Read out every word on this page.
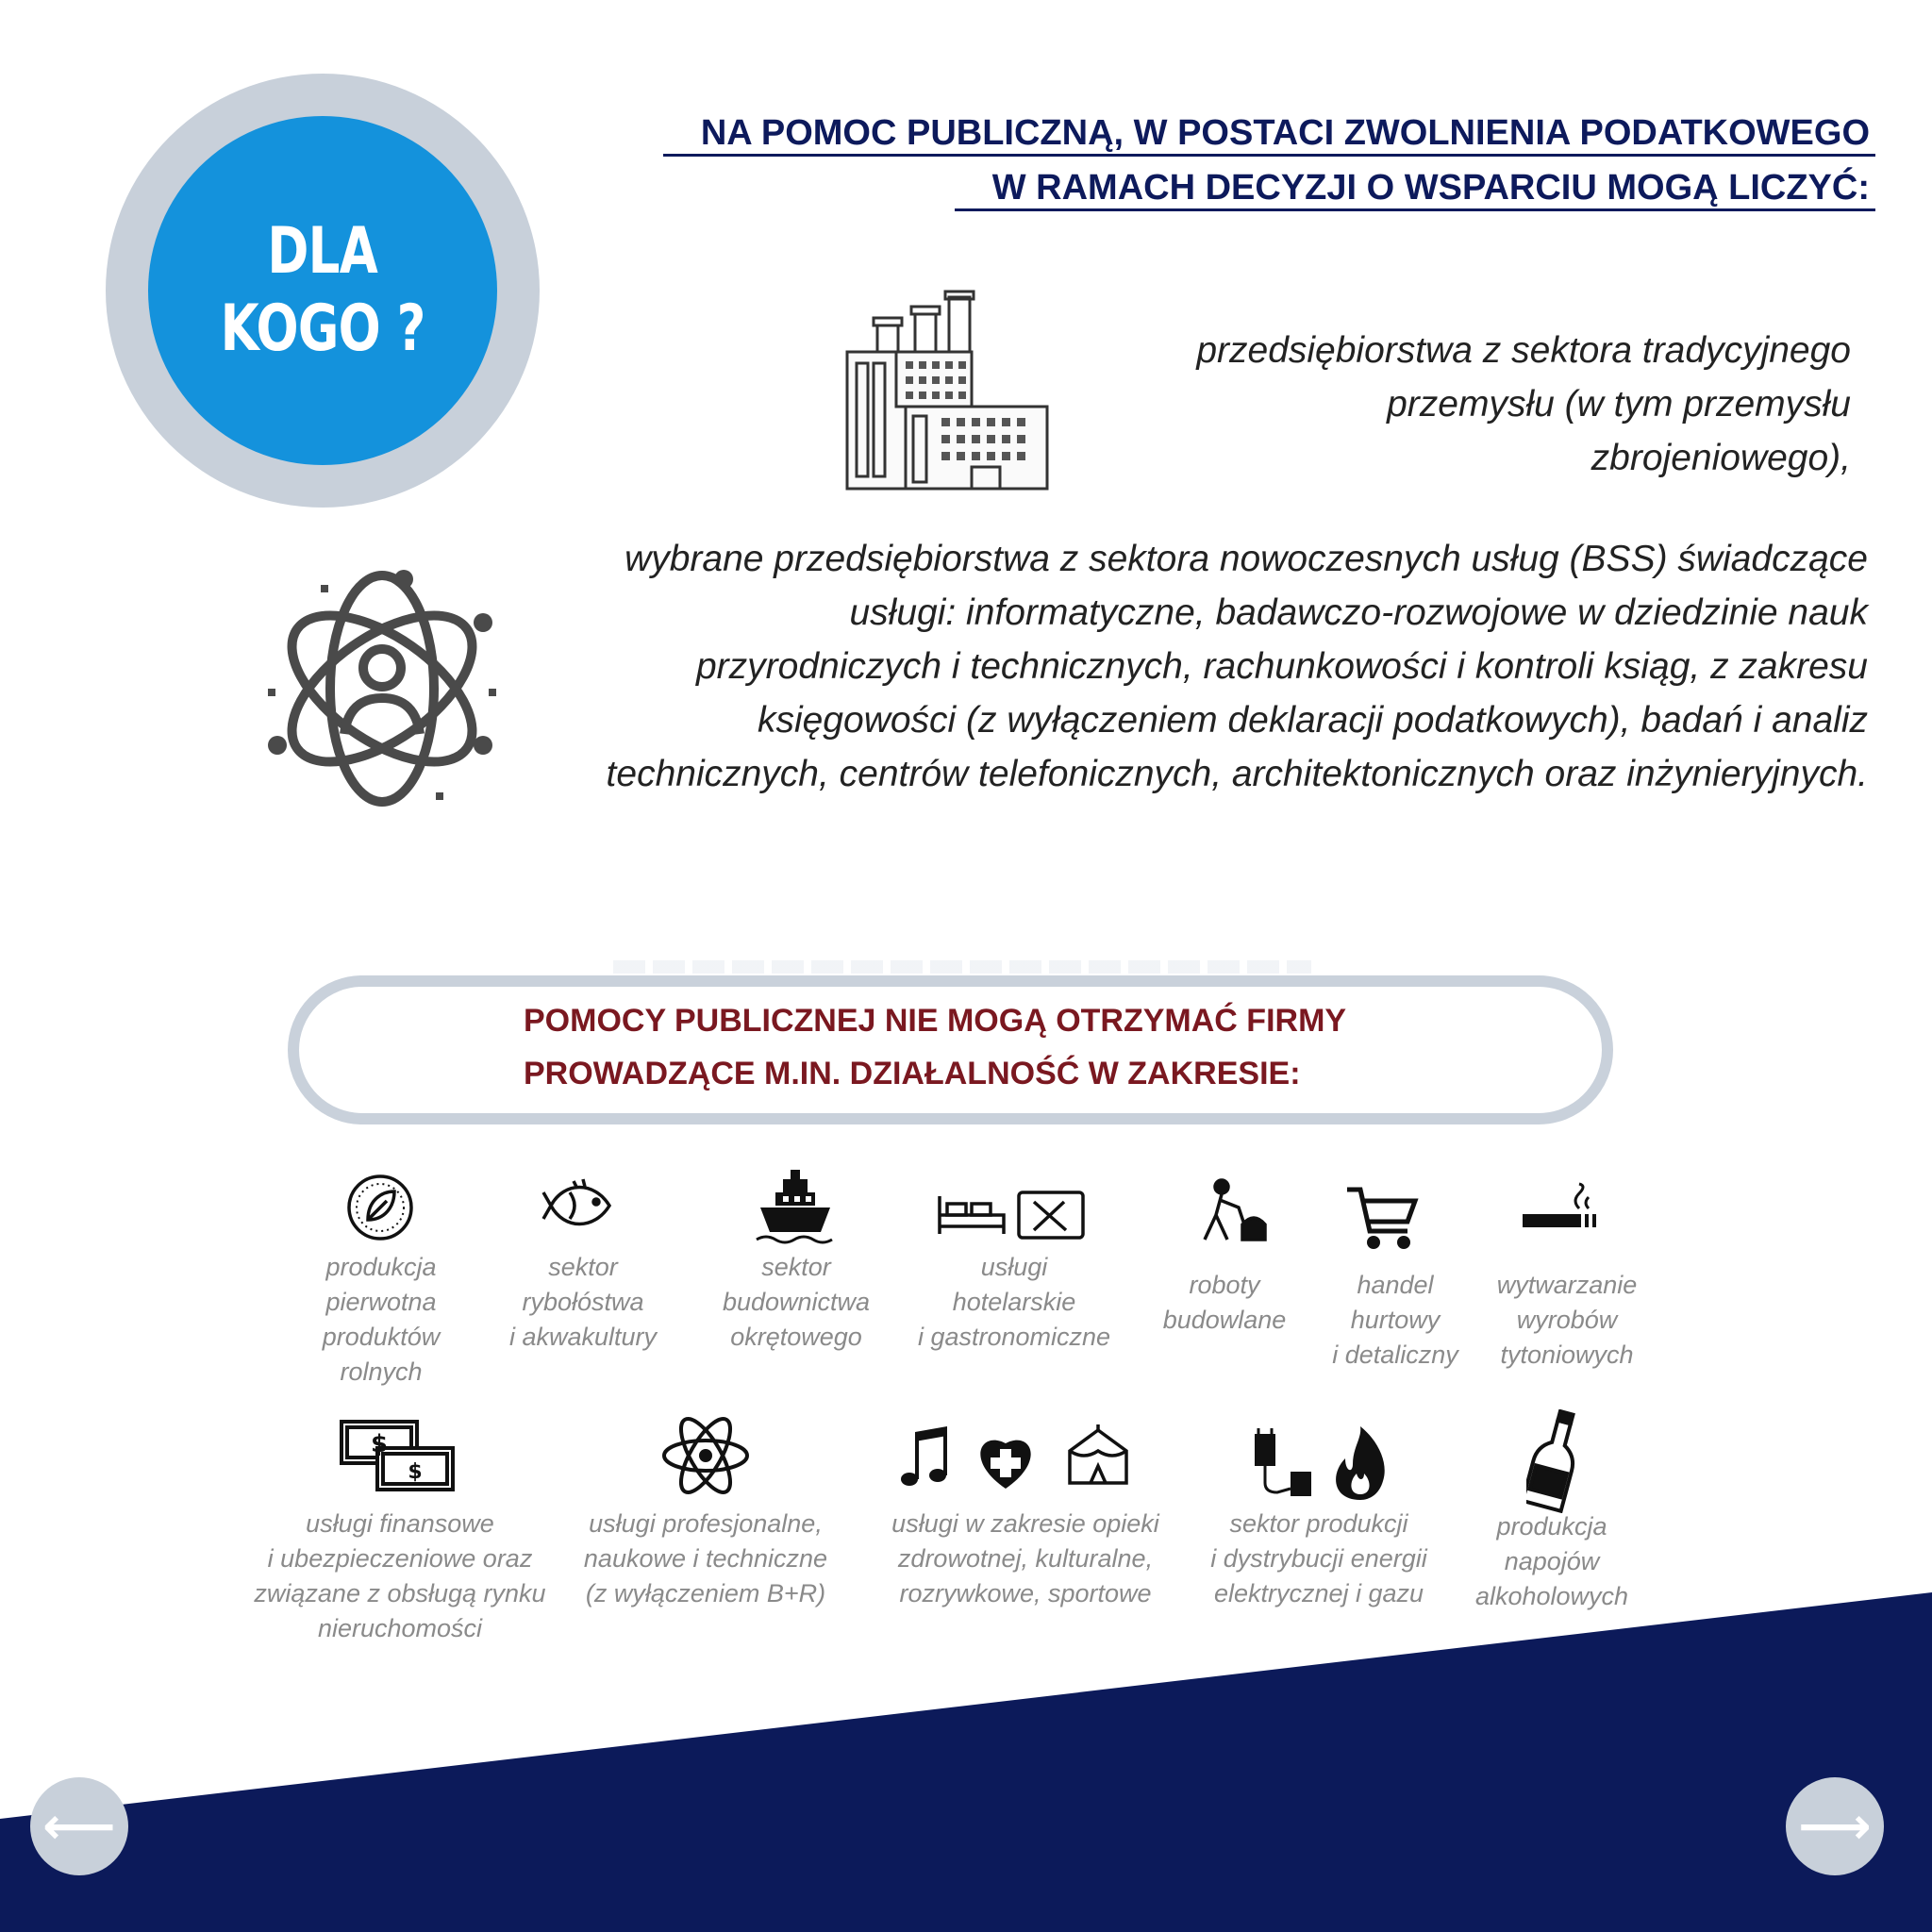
DLA
KOGO ?
NA POMOC PUBLICZNĄ, W POSTACI ZWOLNIENIA PODATKOWEGO
W RAMACH DECYZJI O WSPARCIU MOGĄ LICZYĆ:
przedsiębiorstwa z sektora tradycyjnego
przemysłu (w tym przemysłu
zbrojeniowego),
wybrane przedsiębiorstwa z sektora nowoczesnych usług (BSS) świadczące
usługi: informatyczne, badawczo-rozwojowe w dziedzinie nauk
przyrodniczych i technicznych, rachunkowości i kontroli ksiąg, z zakresu
księgowości (z wyłączeniem deklaracji podatkowych), badań i analiz
technicznych, centrów telefonicznych, architektonicznych oraz inżynieryjnych.
POMOCY PUBLICZNEJ NIE MOGĄ OTRZYMAĆ FIRMY
PROWADZĄCE M.IN. DZIAŁALNOŚĆ W ZAKRESIE:
produkcja
pierwotna
produktów
rolnych
sektor
rybołóstwa
i akwakultury
sektor
budownictwa
okrętowego
usługi
hotelarskie
i gastronomiczne
roboty
budowlane
handel
hurtowy
i detaliczny
wytwarzanie
wyrobów
tytoniowych
$
$
usługi finansowe
i ubezpieczeniowe oraz
związane z obsługą rynku
nieruchomości
usługi profesjonalne,
naukowe i techniczne
(z wyłączeniem B+R)
usługi w zakresie opieki
zdrowotnej, kulturalne,
rozrywkowe, sportowe
sektor produkcji
i dystrybucji energii
elektrycznej i gazu
produkcja
napojów
alkoholowych
⟵	⟶
